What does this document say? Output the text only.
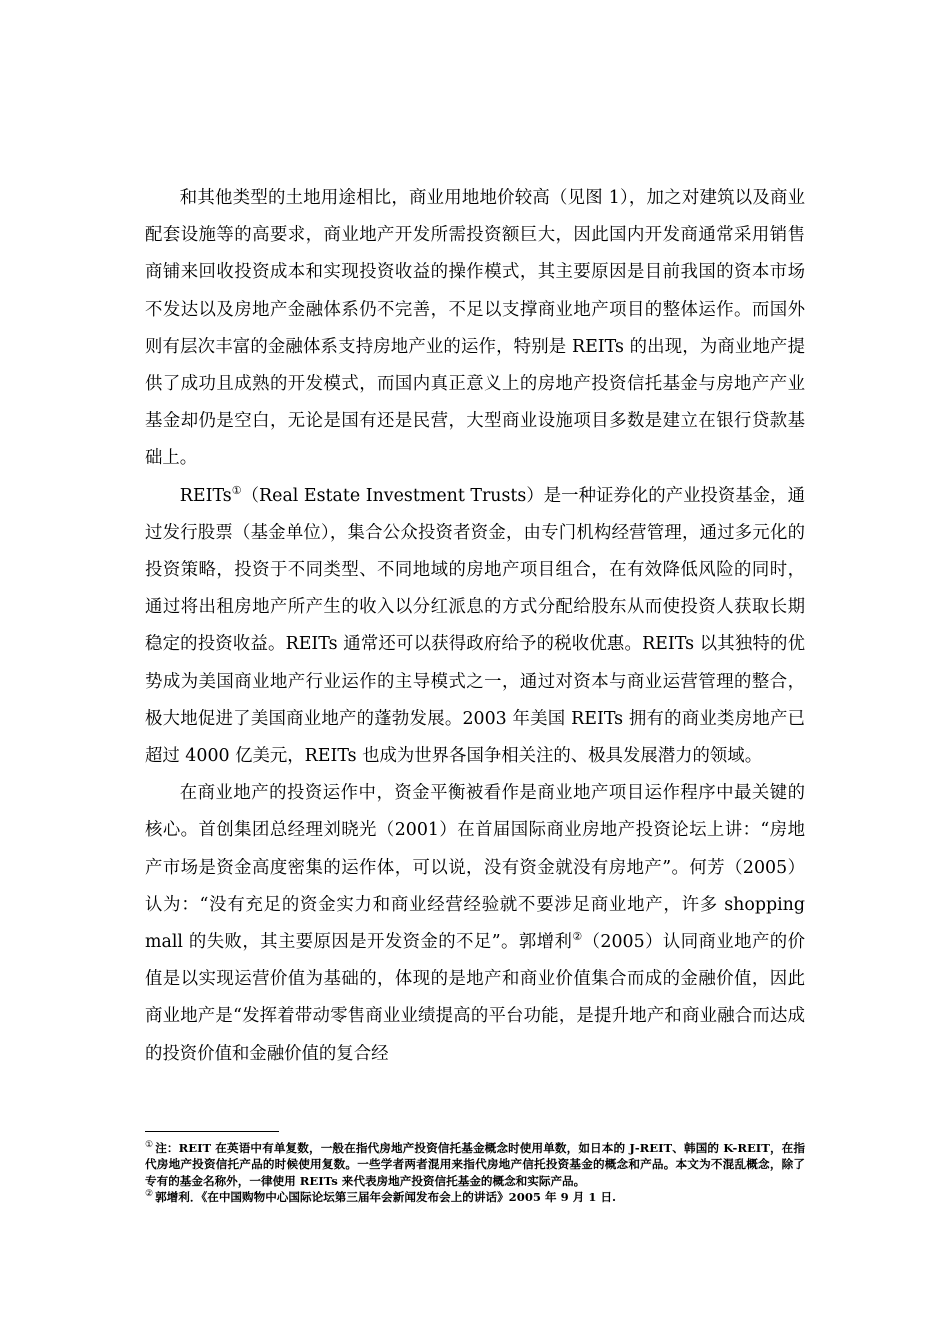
和其他类型的土地用途相比，商业用地地价较高（见图 1），加之对建筑以及商业配套设施等的高要求，商业地产开发所需投资额巨大，因此国内开发商通常采用销售商铺来回收投资成本和实现投资收益的操作模式，其主要原因是目前我国的资本市场不发达以及房地产金融体系仍不完善，不足以支撑商业地产项目的整体运作。而国外则有层次丰富的金融体系支持房地产业的运作，特别是 REITs 的出现，为商业地产提供了成功且成熟的开发模式，而国内真正意义上的房地产投资信托基金与房地产产业基金却仍是空白，无论是国有还是民营，大型商业设施项目多数是建立在银行贷款基础上。

REITs①（Real Estate Investment Trusts）是一种证券化的产业投资基金，通过发行股票（基金单位），集合公众投资者资金，由专门机构经营管理，通过多元化的投资策略，投资于不同类型、不同地域的房地产项目组合，在有效降低风险的同时，通过将出租房地产所产生的收入以分红派息的方式分配给股东从而使投资人获取长期稳定的投资收益。REITs 通常还可以获得政府给予的税收优惠。REITs 以其独特的优势成为美国商业地产行业运作的主导模式之一，通过对资本与商业运营管理的整合，极大地促进了美国商业地产的蓬勃发展。2003 年美国 REITs 拥有的商业类房地产已超过 4000 亿美元，REITs 也成为世界各国争相关注的、极具发展潜力的领域。

在商业地产的投资运作中，资金平衡被看作是商业地产项目运作程序中最关键的核心。首创集团总经理刘晓光（2001）在首届国际商业房地产投资论坛上讲：“房地产市场是资金高度密集的运作体，可以说，没有资金就没有房地产”。何芳（2005）认为：“没有充足的资金实力和商业经营经验就不要涉足商业地产，许多 shopping mall 的失败，其主要原因是开发资金的不足”。郭增利②（2005）认同商业地产的价值是以实现运营价值为基础的，体现的是地产和商业价值集合而成的金融价值，因此商业地产是“发挥着带动零售商业业绩提高的平台功能，是提升地产和商业融合而达成的投资价值和金融价值的复合经

① 注：REIT 在英语中有单复数，一般在指代房地产投资信托基金概念时使用单数，如日本的 J-REIT、韩国的 K-REIT，在指代房地产投资信托产品的时候使用复数。一些学者两者混用来指代房地产信托投资基金的概念和产品。本文为不混乱概念，除了专有的基金名称外，一律使用 REITs 来代表房地产投资信托基金的概念和实际产品。

② 郭增利．《在中国购物中心国际论坛第三届年会新闻发布会上的讲话》2005 年 9 月 1 日.
